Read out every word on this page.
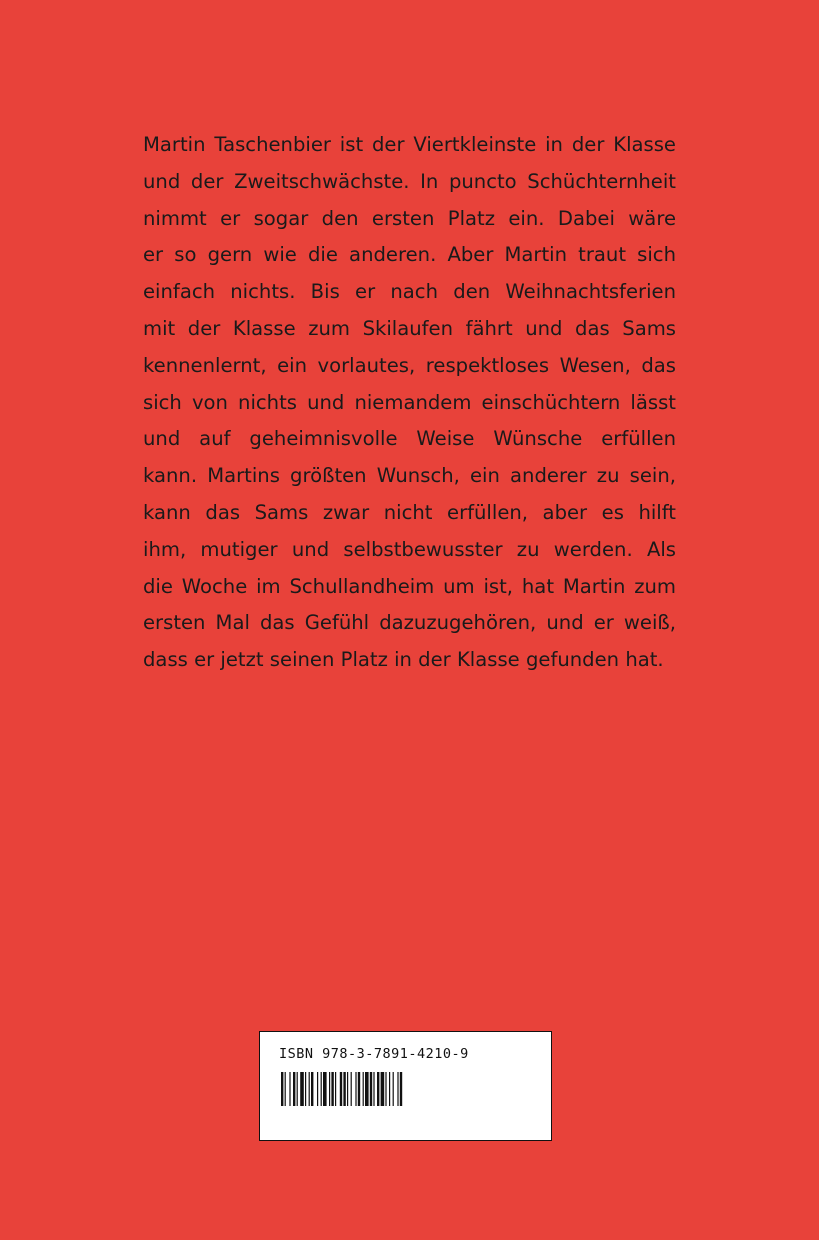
Martin Taschenbier ist der Viertkleinste in der Klasse
und der Zweitschwächste. In puncto Schüchternheit
nimmt er sogar den ersten Platz ein. Dabei wäre
er so gern wie die anderen. Aber Martin traut sich
einfach nichts. Bis er nach den Weihnachtsferien
mit der Klasse zum Skilaufen fährt und das Sams
kennenlernt, ein vorlautes, respektloses Wesen, das
sich von nichts und niemandem einschüchtern lässt
und auf geheimnisvolle Weise Wünsche erfüllen
kann. Martins größten Wunsch, ein anderer zu sein,
kann das Sams zwar nicht erfüllen, aber es hilft
ihm, mutiger und selbstbewusster zu werden. Als
die Woche im Schullandheim um ist, hat Martin zum
ersten Mal das Gefühl dazuzugehören, und er weiß,
dass er jetzt seinen Platz in der Klasse gefunden hat.
ISBN 978-3-7891-4210-9
